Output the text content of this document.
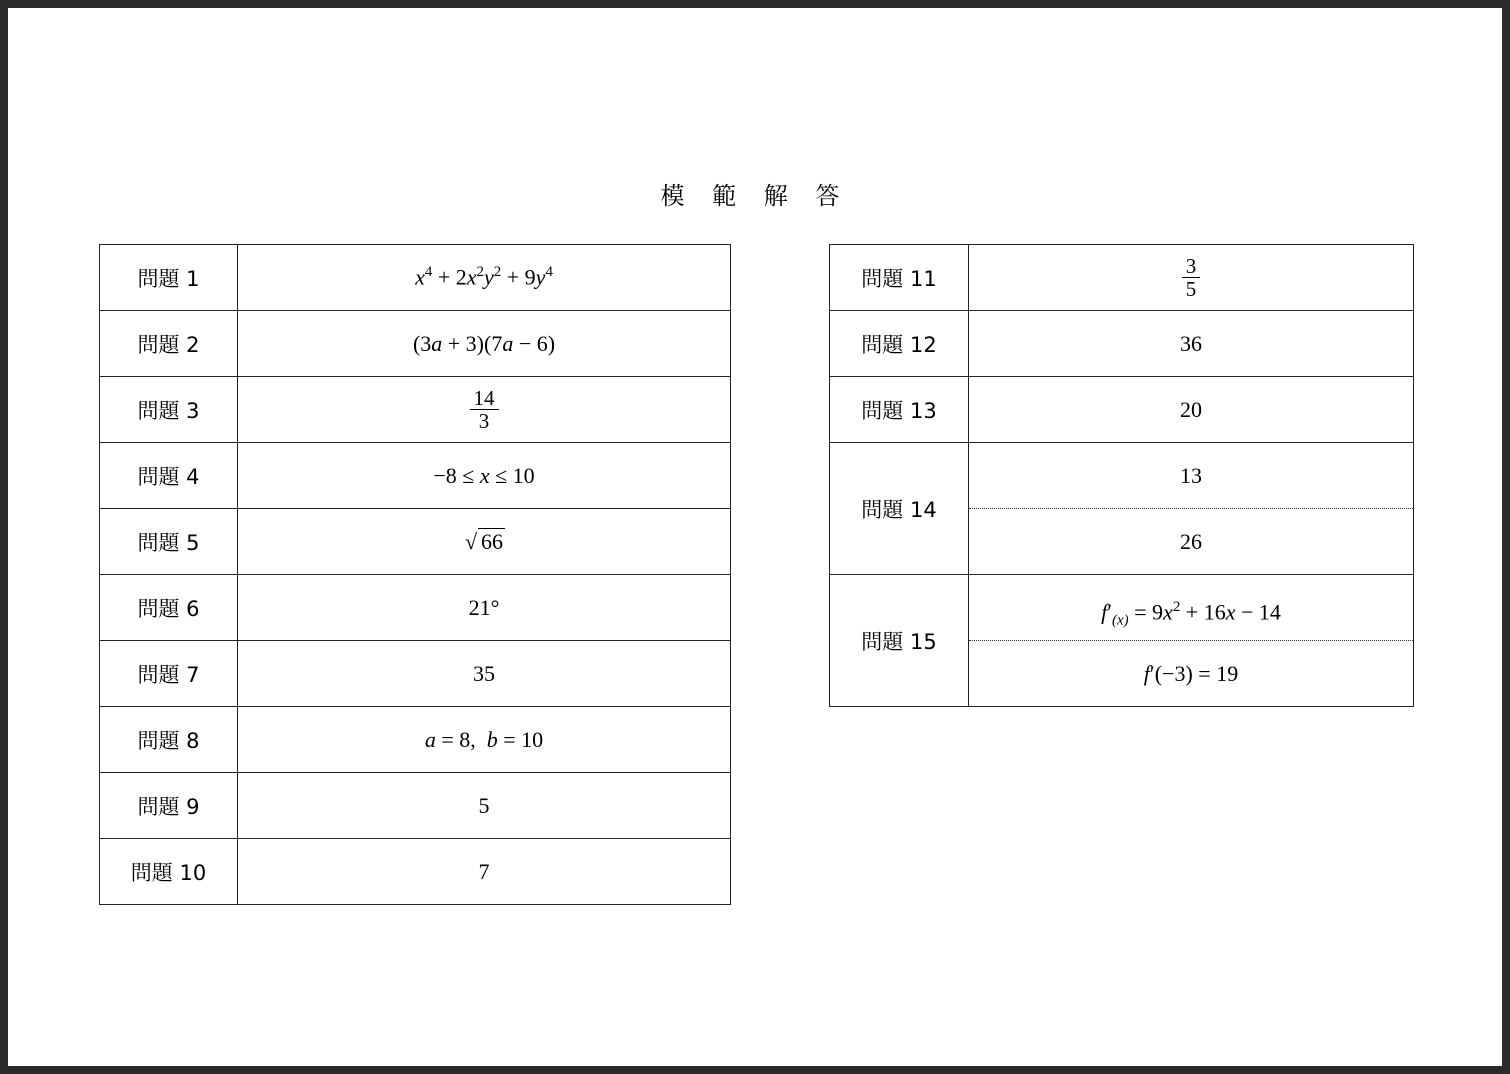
模 範 解 答
問題 1	$x^4 + 2x^2y^2 + 9y^4$
問題 2	(3a + 3)(7a − 6)
問題 3	$\frac{14}{3}$

問題 4	−8 ≤ x ≤ 10
問題 5	√ 66
問題 6	21°
問題 7	35
問題 8	a = 8,  b = 10
問題 9	5
問題 10	7
問題 11	$\frac{3}{5}$

問題 12	36
問題 13	20
問題 14	13
26

問題 15	$f'_{(x)} = 9x^2 + 16x - 14$
f′(−3) = 19
